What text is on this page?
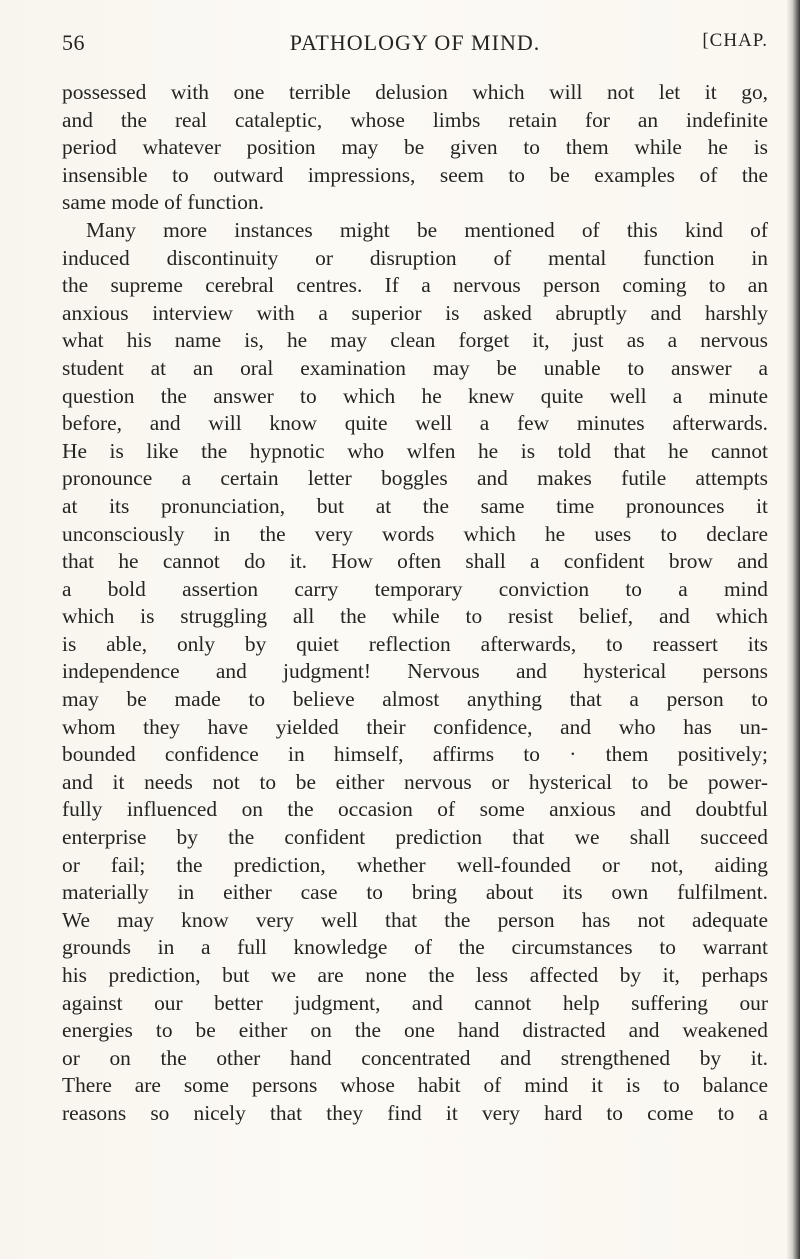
56	PATHOLOGY OF MIND.	[CHAP.
possessed with one terrible delusion which will not let it go,
and the real cataleptic, whose limbs retain for an indefinite
period whatever position may be given to them while he is
insensible to outward impressions, seem to be examples of the
same mode of function.
Many more instances might be mentioned of this kind of
induced discontinuity or disruption of mental function in
the supreme cerebral centres. If a nervous person coming to an
anxious interview with a superior is asked abruptly and harshly
what his name is, he may clean forget it, just as a nervous
student at an oral examination may be unable to answer a
question the answer to which he knew quite well a minute
before, and will know quite well a few minutes afterwards.
He is like the hypnotic who wlfen he is told that he cannot
pronounce a certain letter boggles and makes futile attempts
at its pronunciation, but at the same time pronounces it
unconsciously in the very words which he uses to declare
that he cannot do it. How often shall a confident brow and
a bold assertion carry temporary conviction to a mind
which is struggling all the while to resist belief, and which
is able, only by quiet reflection afterwards, to reassert its
independence and judgment! Nervous and hysterical persons
may be made to believe almost anything that a person to
whom they have yielded their confidence, and who has un-
bounded confidence in himself, affirms to · them positively;
and it needs not to be either nervous or hysterical to be power-
fully influenced on the occasion of some anxious and doubtful
enterprise by the confident prediction that we shall succeed
or fail; the prediction, whether well-founded or not, aiding
materially in either case to bring about its own fulfilment.
We may know very well that the person has not adequate
grounds in a full knowledge of the circumstances to warrant
his prediction, but we are none the less affected by it, perhaps
against our better judgment, and cannot help suffering our
energies to be either on the one hand distracted and weakened
or on the other hand concentrated and strengthened by it.
There are some persons whose habit of mind it is to balance
reasons so nicely that they find it very hard to come to a
